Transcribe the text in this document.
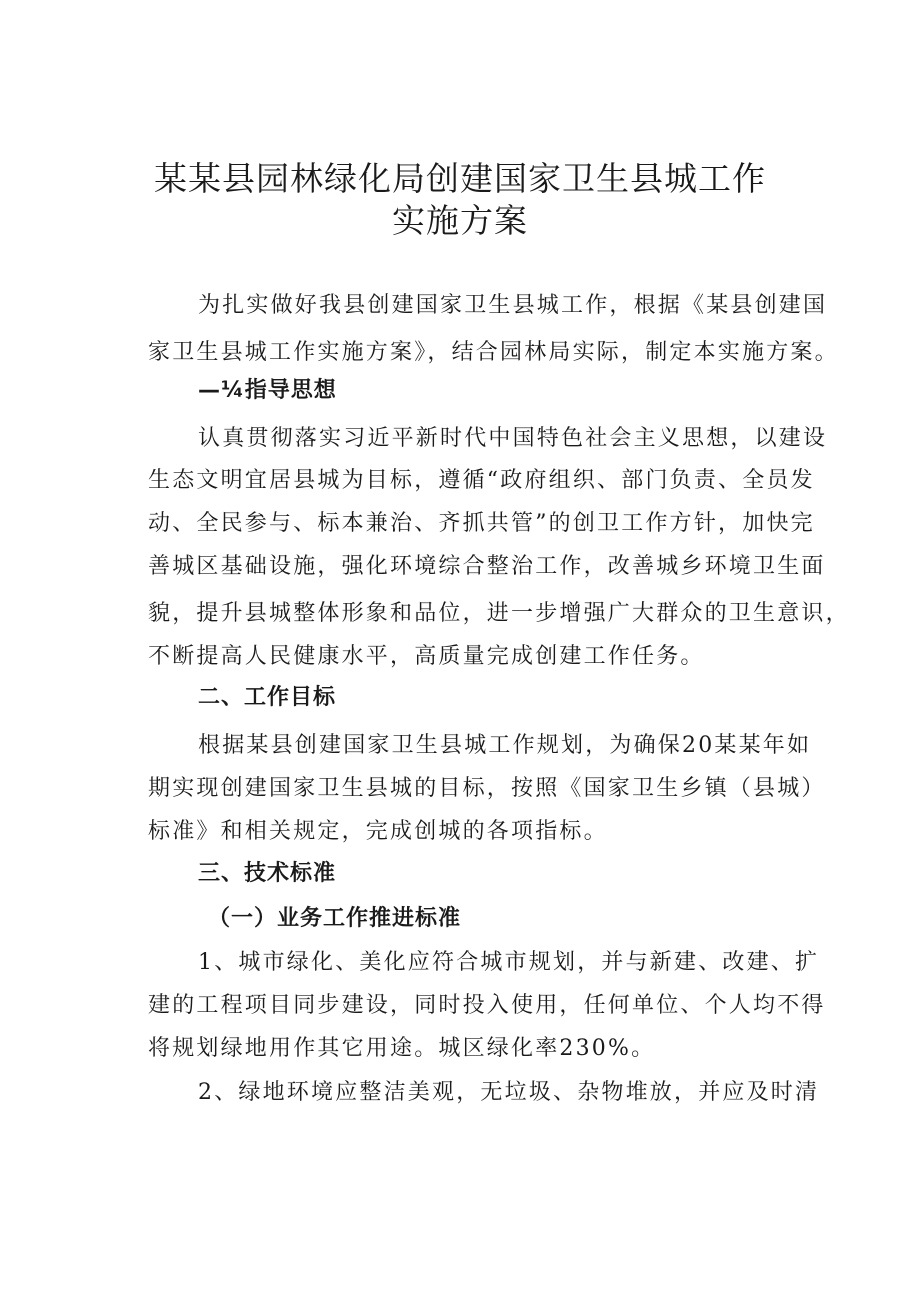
某某县园林绿化局创建国家卫生县城工作
实施方案
为扎实做好我县创建国家卫生县城工作，根据《某县创建国
家卫生县城工作实施方案》，结合园林局实际，制定本实施方案。
—¼指导思想
认真贯彻落实习近平新时代中国特色社会主义思想，以建设
生态文明宜居县城为目标，遵循“政府组织、部门负责、全员发
动、全民参与、标本兼治、齐抓共管”的创卫工作方针，加快完
善城区基础设施，强化环境综合整治工作，改善城乡环境卫生面
貌，提升县城整体形象和品位，进一步增强广大群众的卫生意识，
不断提高人民健康水平，高质量完成创建工作任务。
二、工作目标
根据某县创建国家卫生县城工作规划，为确保20某某年如
期实现创建国家卫生县城的目标，按照《国家卫生乡镇（县城）
标准》和相关规定，完成创城的各项指标。
三、技术标准
（一）业务工作推进标准
1、城市绿化、美化应符合城市规划，并与新建、改建、扩
建的工程项目同步建设，同时投入使用，任何单位、个人均不得
将规划绿地用作其它用途。城区绿化率230%。
2、绿地环境应整洁美观，无垃圾、杂物堆放，并应及时清
